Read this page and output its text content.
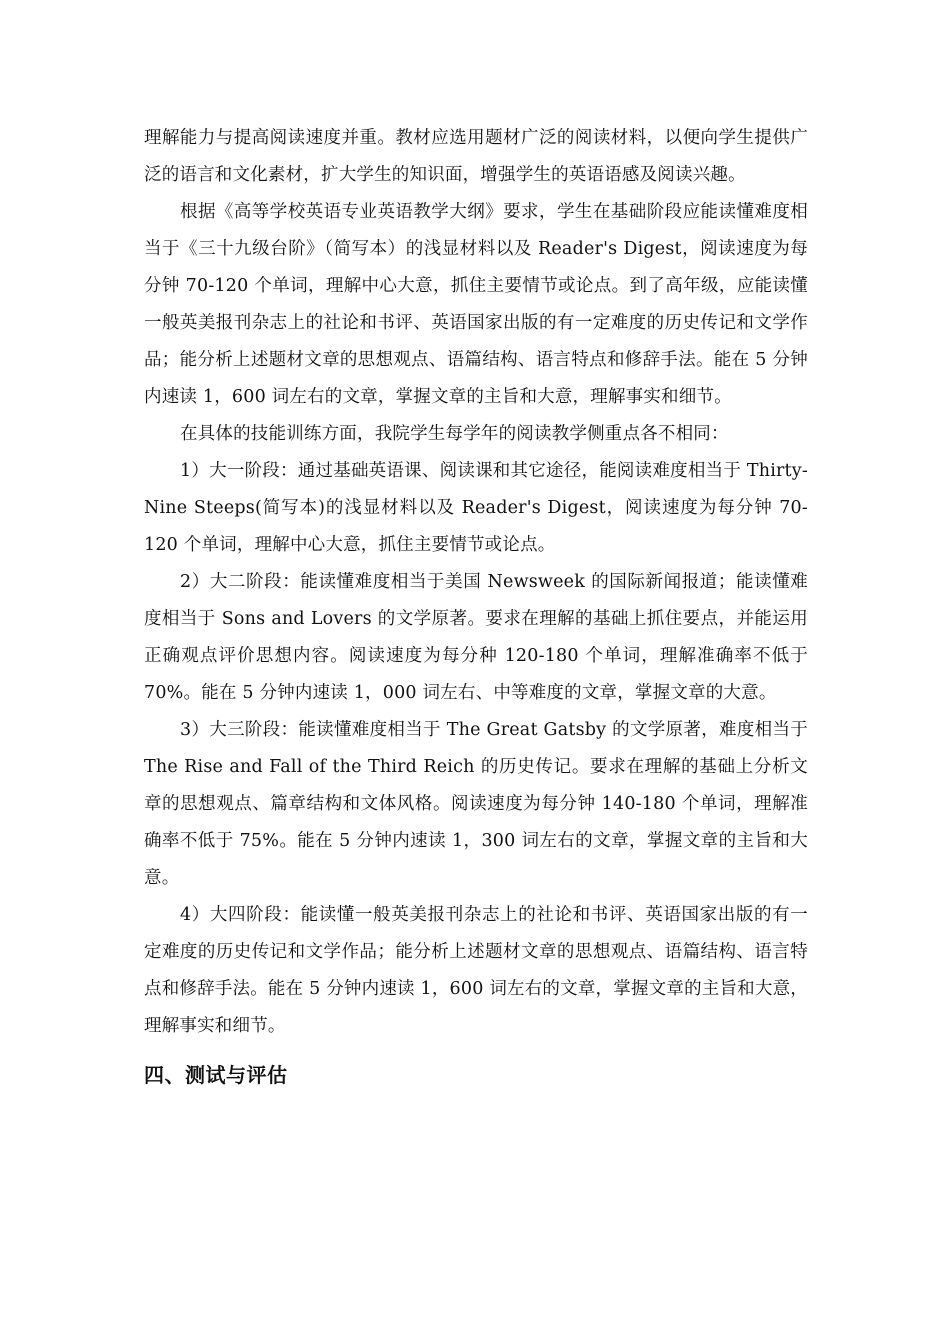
理解能力与提高阅读速度并重。教材应选用题材广泛的阅读材料，以便向学生提供广泛的语言和文化素材，扩大学生的知识面，增强学生的英语语感及阅读兴趣。

根据《高等学校英语专业英语教学大纲》要求，学生在基础阶段应能读懂难度相当于《三十九级台阶》（简写本）的浅显材料以及 Reader's Digest，阅读速度为每分钟 70-120 个单词，理解中心大意，抓住主要情节或论点。到了高年级，应能读懂一般英美报刊杂志上的社论和书评、英语国家出版的有一定难度的历史传记和文学作品；能分析上述题材文章的思想观点、语篇结构、语言特点和修辞手法。能在 5 分钟内速读 1，600 词左右的文章，掌握文章的主旨和大意，理解事实和细节。

在具体的技能训练方面，我院学生每学年的阅读教学侧重点各不相同：

1）大一阶段：通过基础英语课、阅读课和其它途径，能阅读难度相当于 Thirty-Nine Steeps(简写本)的浅显材料以及 Reader's Digest，阅读速度为每分钟 70-120 个单词，理解中心大意，抓住主要情节或论点。

2）大二阶段：能读懂难度相当于美国 Newsweek 的国际新闻报道；能读懂难度相当于 Sons and Lovers 的文学原著。要求在理解的基础上抓住要点，并能运用正确观点评价思想内容。阅读速度为每分种 120-180 个单词，理解准确率不低于 70%。能在 5 分钟内速读 1，000 词左右、中等难度的文章，掌握文章的大意。

3）大三阶段：能读懂难度相当于 The Great Gatsby 的文学原著，难度相当于 The Rise and Fall of the Third Reich 的历史传记。要求在理解的基础上分析文章的思想观点、篇章结构和文体风格。阅读速度为每分钟 140-180 个单词，理解准确率不低于 75%。能在 5 分钟内速读 1，300 词左右的文章，掌握文章的主旨和大意。

4）大四阶段：能读懂一般英美报刊杂志上的社论和书评、英语国家出版的有一定难度的历史传记和文学作品；能分析上述题材文章的思想观点、语篇结构、语言特点和修辞手法。能在 5 分钟内速读 1，600 词左右的文章，掌握文章的主旨和大意，理解事实和细节。

四、测试与评估
